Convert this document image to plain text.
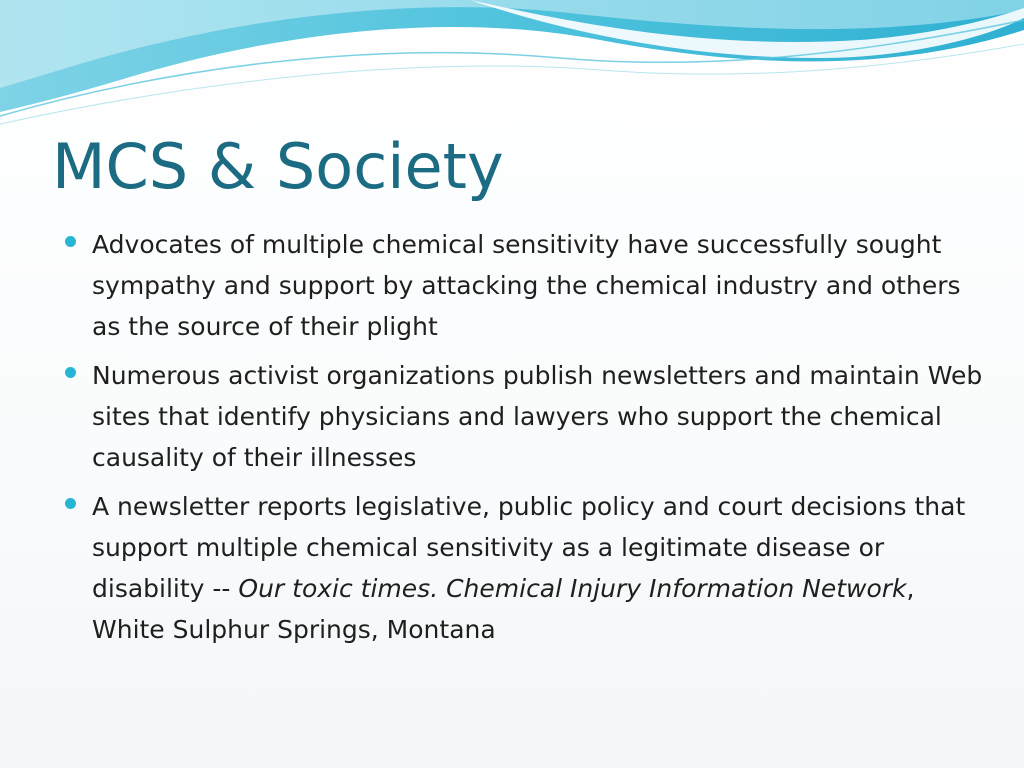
MCS & Society
Advocates of multiple chemical sensitivity have successfully sought sympathy and support by attacking the chemical industry and others as the source of their plight
Numerous activist organizations publish newsletters and maintain Web sites that identify physicians and lawyers who support the chemical causality of their illnesses
A newsletter reports legislative, public policy and court decisions that support multiple chemical sensitivity as a legitimate disease or disability -- Our toxic times. Chemical Injury Information Network, White Sulphur Springs, Montana
